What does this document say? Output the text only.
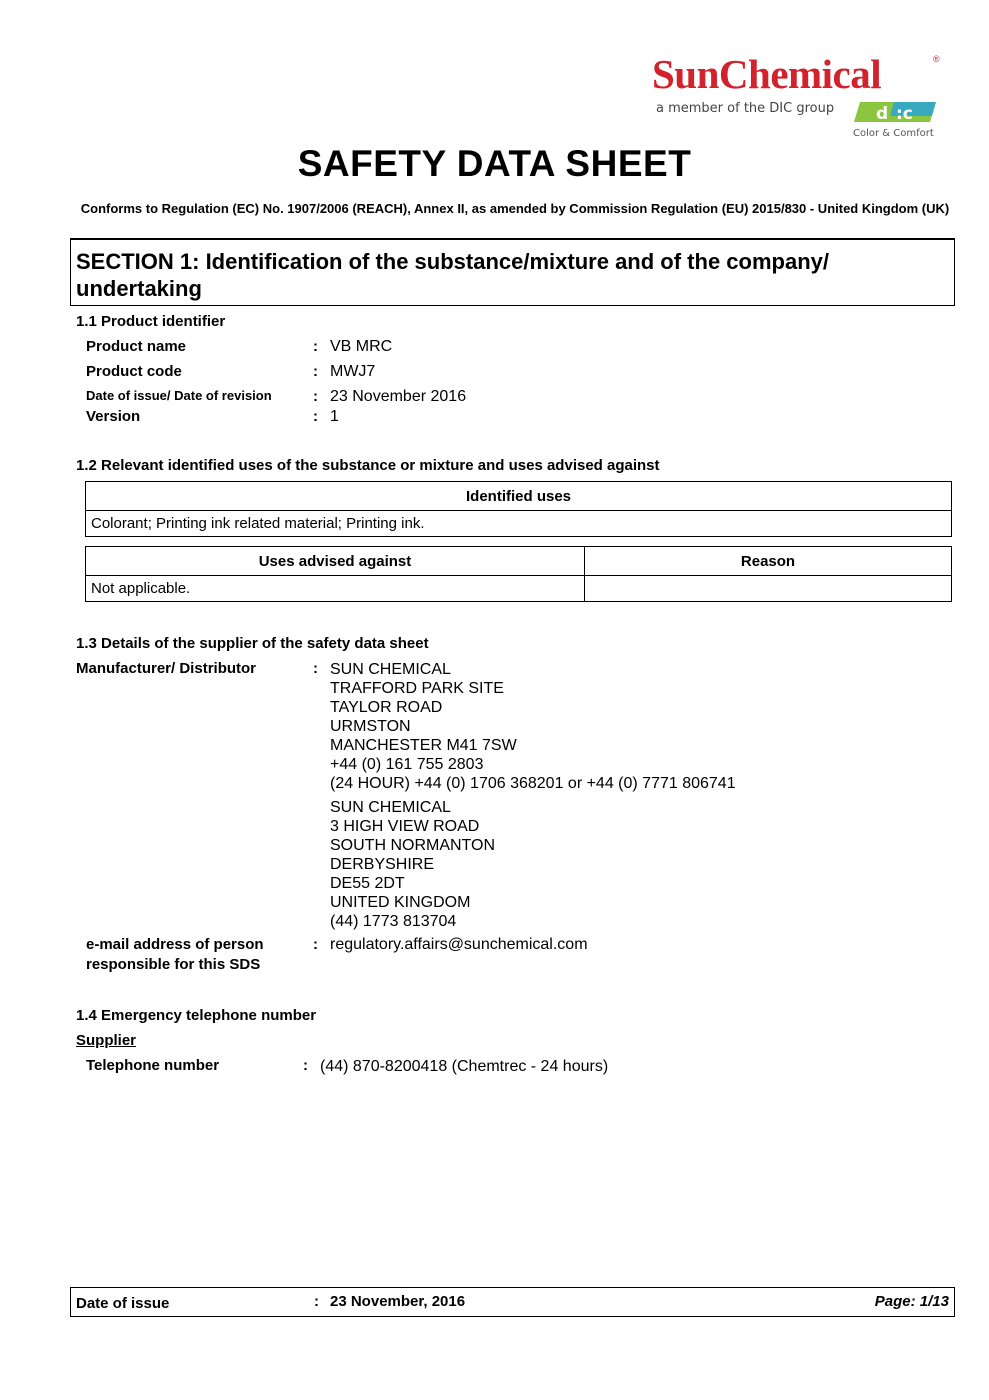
SunChemical	®
a member of the DIC group d :c
Color & Comfort
SAFETY DATA SHEET
Conforms to Regulation (EC) No. 1907/2006 (REACH), Annex II, as amended by Commission Regulation (EU) 2015/830 - United Kingdom (UK)
SECTION 1: Identification of the substance/mixture and of the company/ undertaking
1.1 Product identifier
Product name	: VB MRC
Product code	: MWJ7
Date of issue/ Date of revision	: 23 November 2016
Version	: 1
1.2 Relevant identified uses of the substance or mixture and uses advised against
Identified uses
Colorant; Printing ink related material; Printing ink.
Uses advised against	Reason
Not applicable.	
1.3 Details of the supplier of the safety data sheet
Manufacturer/ Distributor	: SUN CHEMICAL
TRAFFORD PARK SITE
TAYLOR ROAD
URMSTON
MANCHESTER M41 7SW
+44 (0) 161 755 2803
(24 HOUR) +44 (0) 1706 368201 or +44 (0) 7771 806741
SUN CHEMICAL
3 HIGH VIEW ROAD
SOUTH NORMANTON
DERBYSHIRE
DE55 2DT
UNITED KINGDOM
(44) 1773 813704
e-mail address of person
responsible for this SDS
: regulatory.affairs@sunchemical.com
1.4 Emergency telephone number
Supplier
Telephone number	: (44) 870-8200418 (Chemtrec - 24 hours)
Date of issue	: 23 November, 2016	Page: 1/13
